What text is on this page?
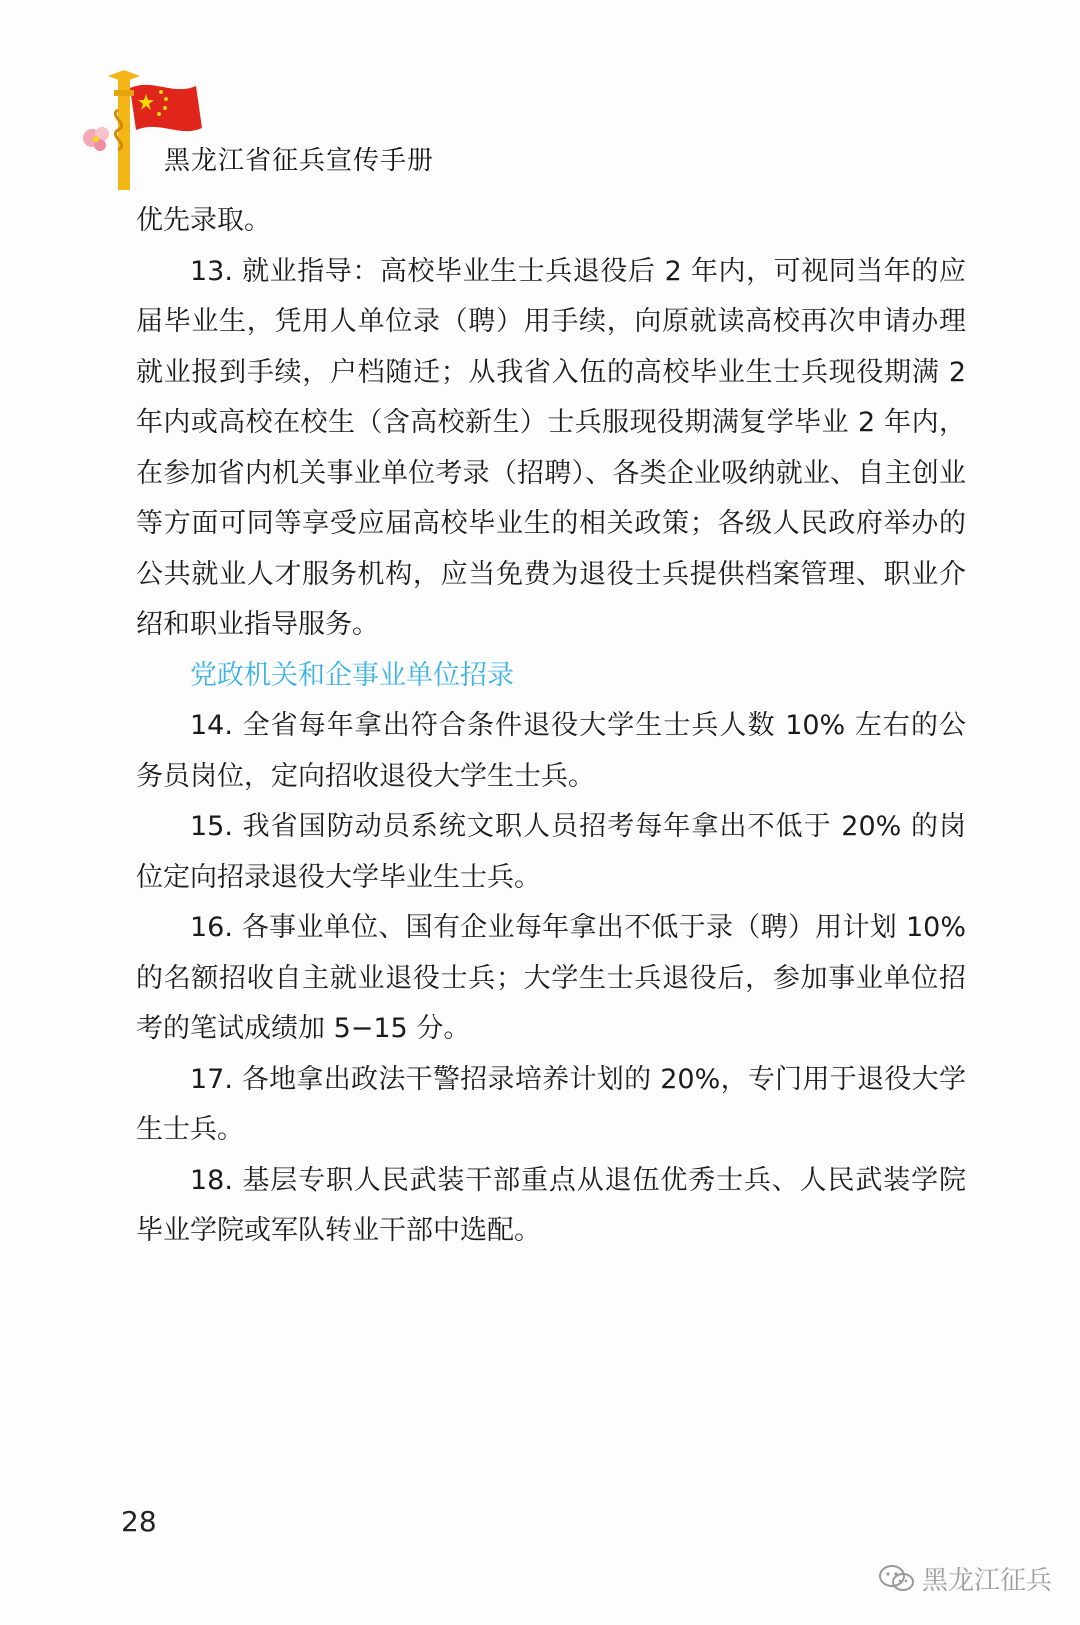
黑龙江省征兵宣传手册

优先录取。

13. 就业指导：高校毕业生士兵退役后 2 年内，可视同当年的应届毕业生，凭用人单位录（聘）用手续，向原就读高校再次申请办理就业报到手续，户档随迁；从我省入伍的高校毕业生士兵现役期满 2 年内或高校在校生（含高校新生）士兵服现役期满复学毕业 2 年内，在参加省内机关事业单位考录（招聘）、各类企业吸纳就业、自主创业等方面可同等享受应届高校毕业生的相关政策；各级人民政府举办的公共就业人才服务机构，应当免费为退役士兵提供档案管理、职业介绍和职业指导服务。

党政机关和企事业单位招录

14. 全省每年拿出符合条件退役大学生士兵人数 10% 左右的公务员岗位，定向招收退役大学生士兵。

15. 我省国防动员系统文职人员招考每年拿出不低于 20% 的岗位定向招录退役大学毕业生士兵。

16. 各事业单位、国有企业每年拿出不低于录（聘）用计划 10% 的名额招收自主就业退役士兵；大学生士兵退役后，参加事业单位招考的笔试成绩加 5−15 分。

17. 各地拿出政法干警招录培养计划的 20%，专门用于退役大学生士兵。

18. 基层专职人民武装干部重点从退伍优秀士兵、人民武装学院毕业学院或军队转业干部中选配。

28
黑龙江征兵
